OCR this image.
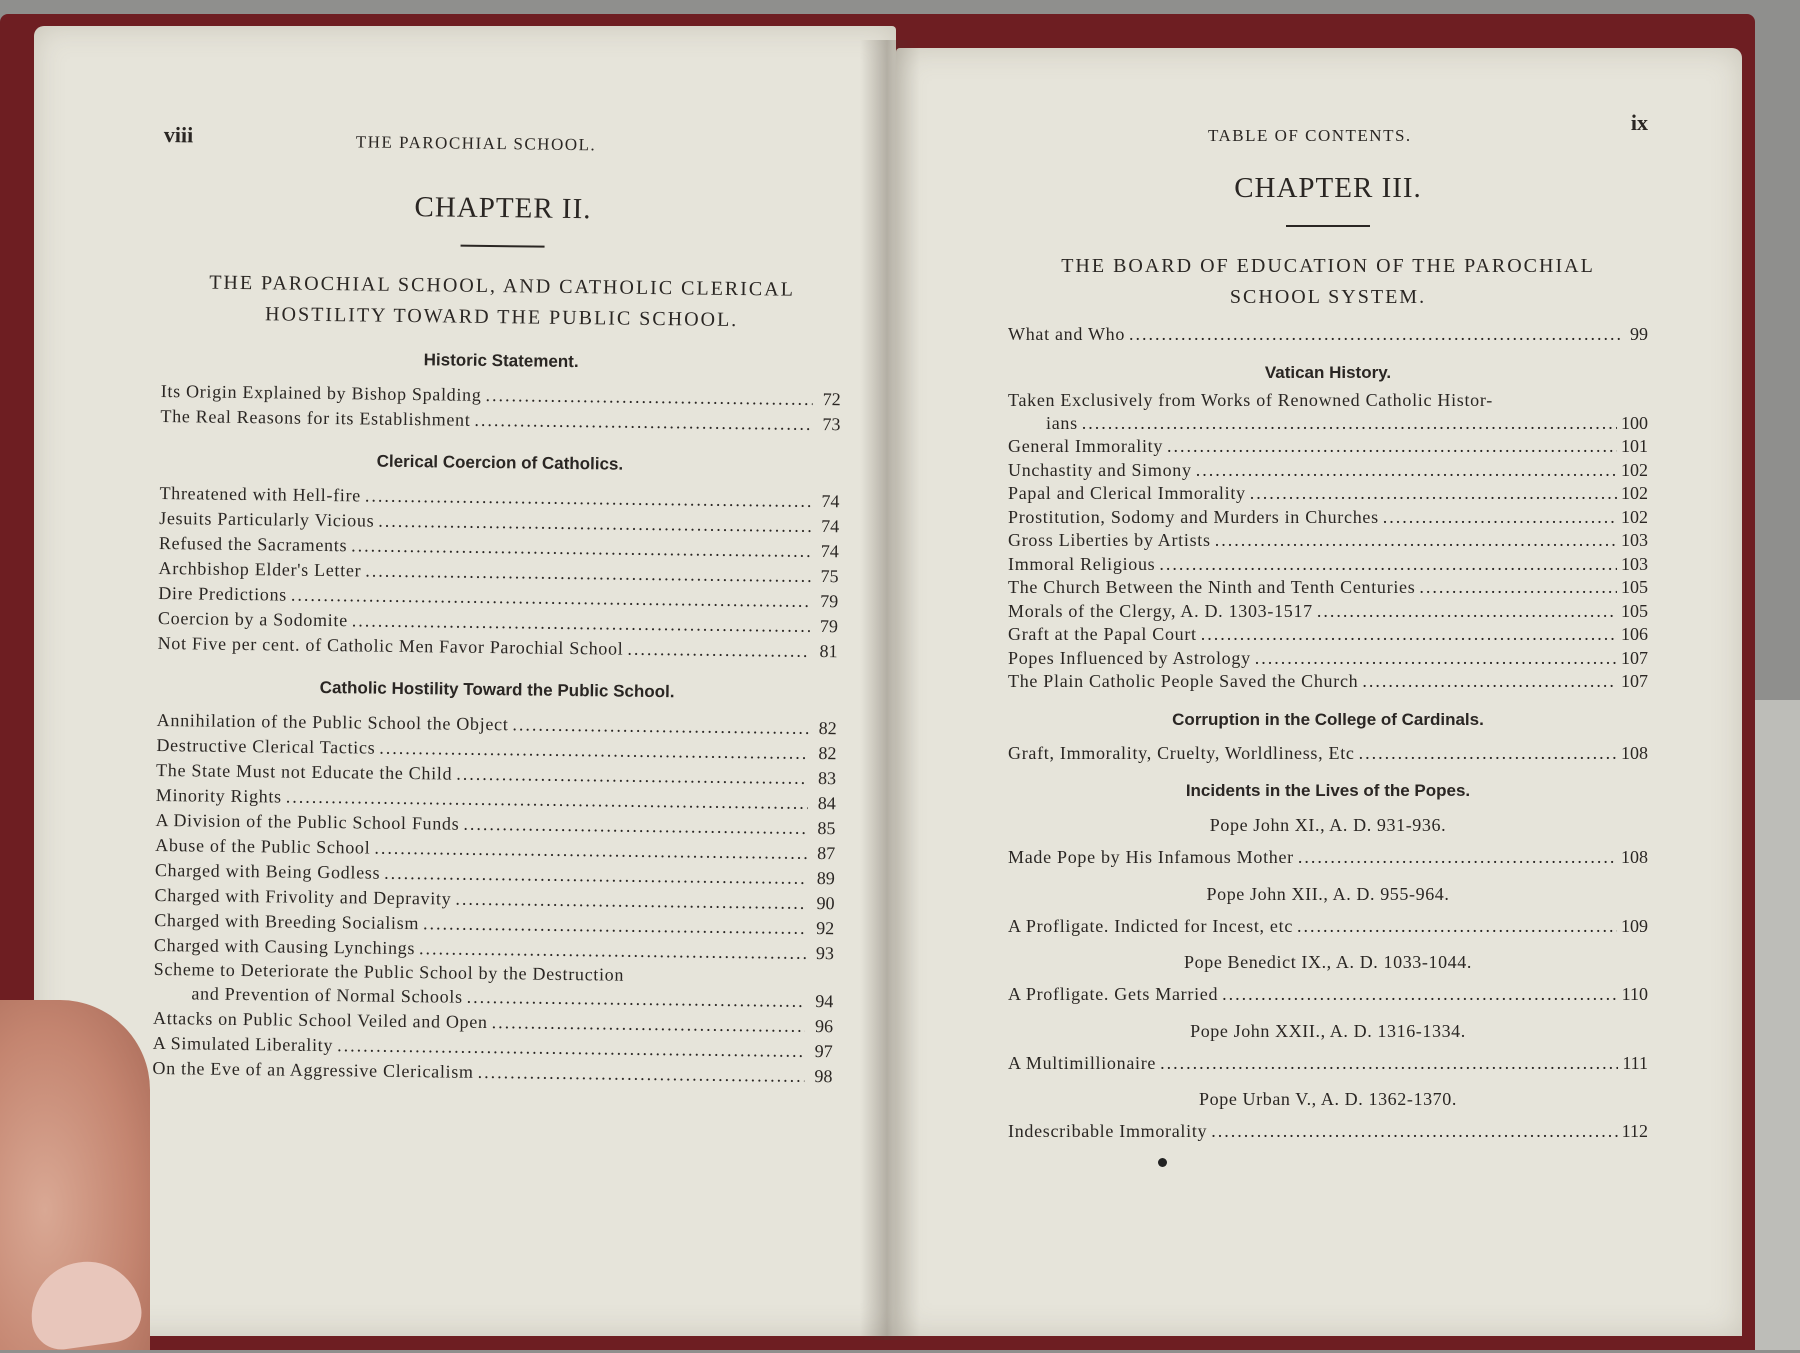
viii	THE PAROCHIAL SCHOOL.
CHAPTER II.
THE PAROCHIAL SCHOOL, AND CATHOLIC CLERICAL
HOSTILITY TOWARD THE PUBLIC SCHOOL.
Historic Statement.
Its Origin Explained by Bishop Spalding .....	72
The Real Reasons for its Establishment .....	73
Clerical Coercion of Catholics.
Threatened with Hell-fire .....	74
Jesuits Particularly Vicious .....	74
Refused the Sacraments .....	74
Archbishop Elder's Letter .....	75
Dire Predictions .....	79
Coercion by a Sodomite .....	79
Not Five per cent. of Catholic Men Favor Parochial School .....	81
Catholic Hostility Toward the Public School.
Annihilation of the Public School the Object .....	82
Destructive Clerical Tactics .....	82
The State Must not Educate the Child .....	83
Minority Rights .....	84
A Division of the Public School Funds .....	85
Abuse of the Public School .....	87
Charged with Being Godless .....	89
Charged with Frivolity and Depravity .....	90
Charged with Breeding Socialism .....	92
Charged with Causing Lynchings .....	93
Scheme to Deteriorate the Public School by the Destruction
and Prevention of Normal Schools .....	94
Attacks on Public School Veiled and Open .....	96
A Simulated Liberality .....	97
On the Eve of an Aggressive Clericalism .....	98
TABLE OF CONTENTS.
ix
CHAPTER III.
THE BOARD OF EDUCATION OF THE PAROCHIAL
SCHOOL SYSTEM.
What and Who .....	99
Vatican History.
Taken Exclusively from Works of Renowned Catholic Histor-
ians .....	100
General Immorality .....	101
Unchastity and Simony .....	102
Papal and Clerical Immorality .....	102
Prostitution, Sodomy and Murders in Churches .....	102
Gross Liberties by Artists .....	103
Immoral Religious .....	103
The Church Between the Ninth and Tenth Centuries .....	105
Morals of the Clergy, A. D. 1303-1517 .....	105
Graft at the Papal Court .....	106
Popes Influenced by Astrology .....	107
The Plain Catholic People Saved the Church .....	107
Corruption in the College of Cardinals.
Graft, Immorality, Cruelty, Worldliness, Etc .....	108
Incidents in the Lives of the Popes.
Pope John XI., A. D. 931-936.
Made Pope by His Infamous Mother .....	108
Pope John XII., A. D. 955-964.
A Profligate. Indicted for Incest, etc .....	109
Pope Benedict IX., A. D. 1033-1044.
A Profligate. Gets Married .....	110
Pope John XXII., A. D. 1316-1334.
A Multimillionaire .....	111
Pope Urban V., A. D. 1362-1370.
Indescribable Immorality .....	112
